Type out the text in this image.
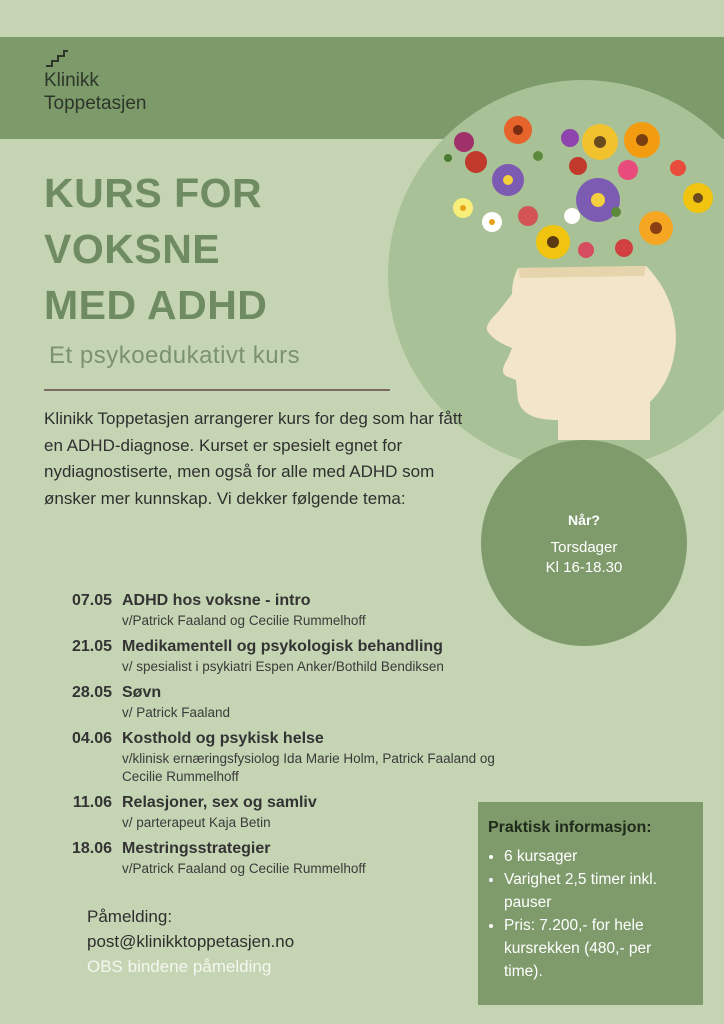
Klinikk
Toppetasjen
KURS FOR
VOKSNE
MED ADHD
Et psykoedukativt kurs
Klinikk Toppetasjen arrangerer kurs for deg som har fått en ADHD-diagnose. Kurset er spesielt egnet for nydiagnostiserte, men også for alle med ADHD som ønsker mer kunnskap. Vi dekker følgende tema:
Når?
Torsdager
Kl 16-18.30
07.05 ADHD hos voksne - intro
v/Patrick Faaland og Cecilie Rummelhoff
21.05 Medikamentell og psykologisk behandling
v/ spesialist i psykiatri Espen Anker/Bothild Bendiksen
28.05 Søvn
v/ Patrick Faaland
04.06 Kosthold og psykisk helse
v/klinisk ernæringsfysiolog Ida Marie Holm, Patrick Faaland og Cecilie Rummelhoff
11.06 Relasjoner, sex og samliv
v/ parterapeut Kaja Betin
18.06 Mestringsstrategier
v/Patrick Faaland og Cecilie Rummelhoff
Påmelding:
post@klinikktoppetasjen.no
OBS bindene påmelding
Praktisk informasjon:
• 6 kursager
• Varighet 2,5 timer inkl. pauser
• Pris: 7.200,- for hele kursrekken (480,- per time).
